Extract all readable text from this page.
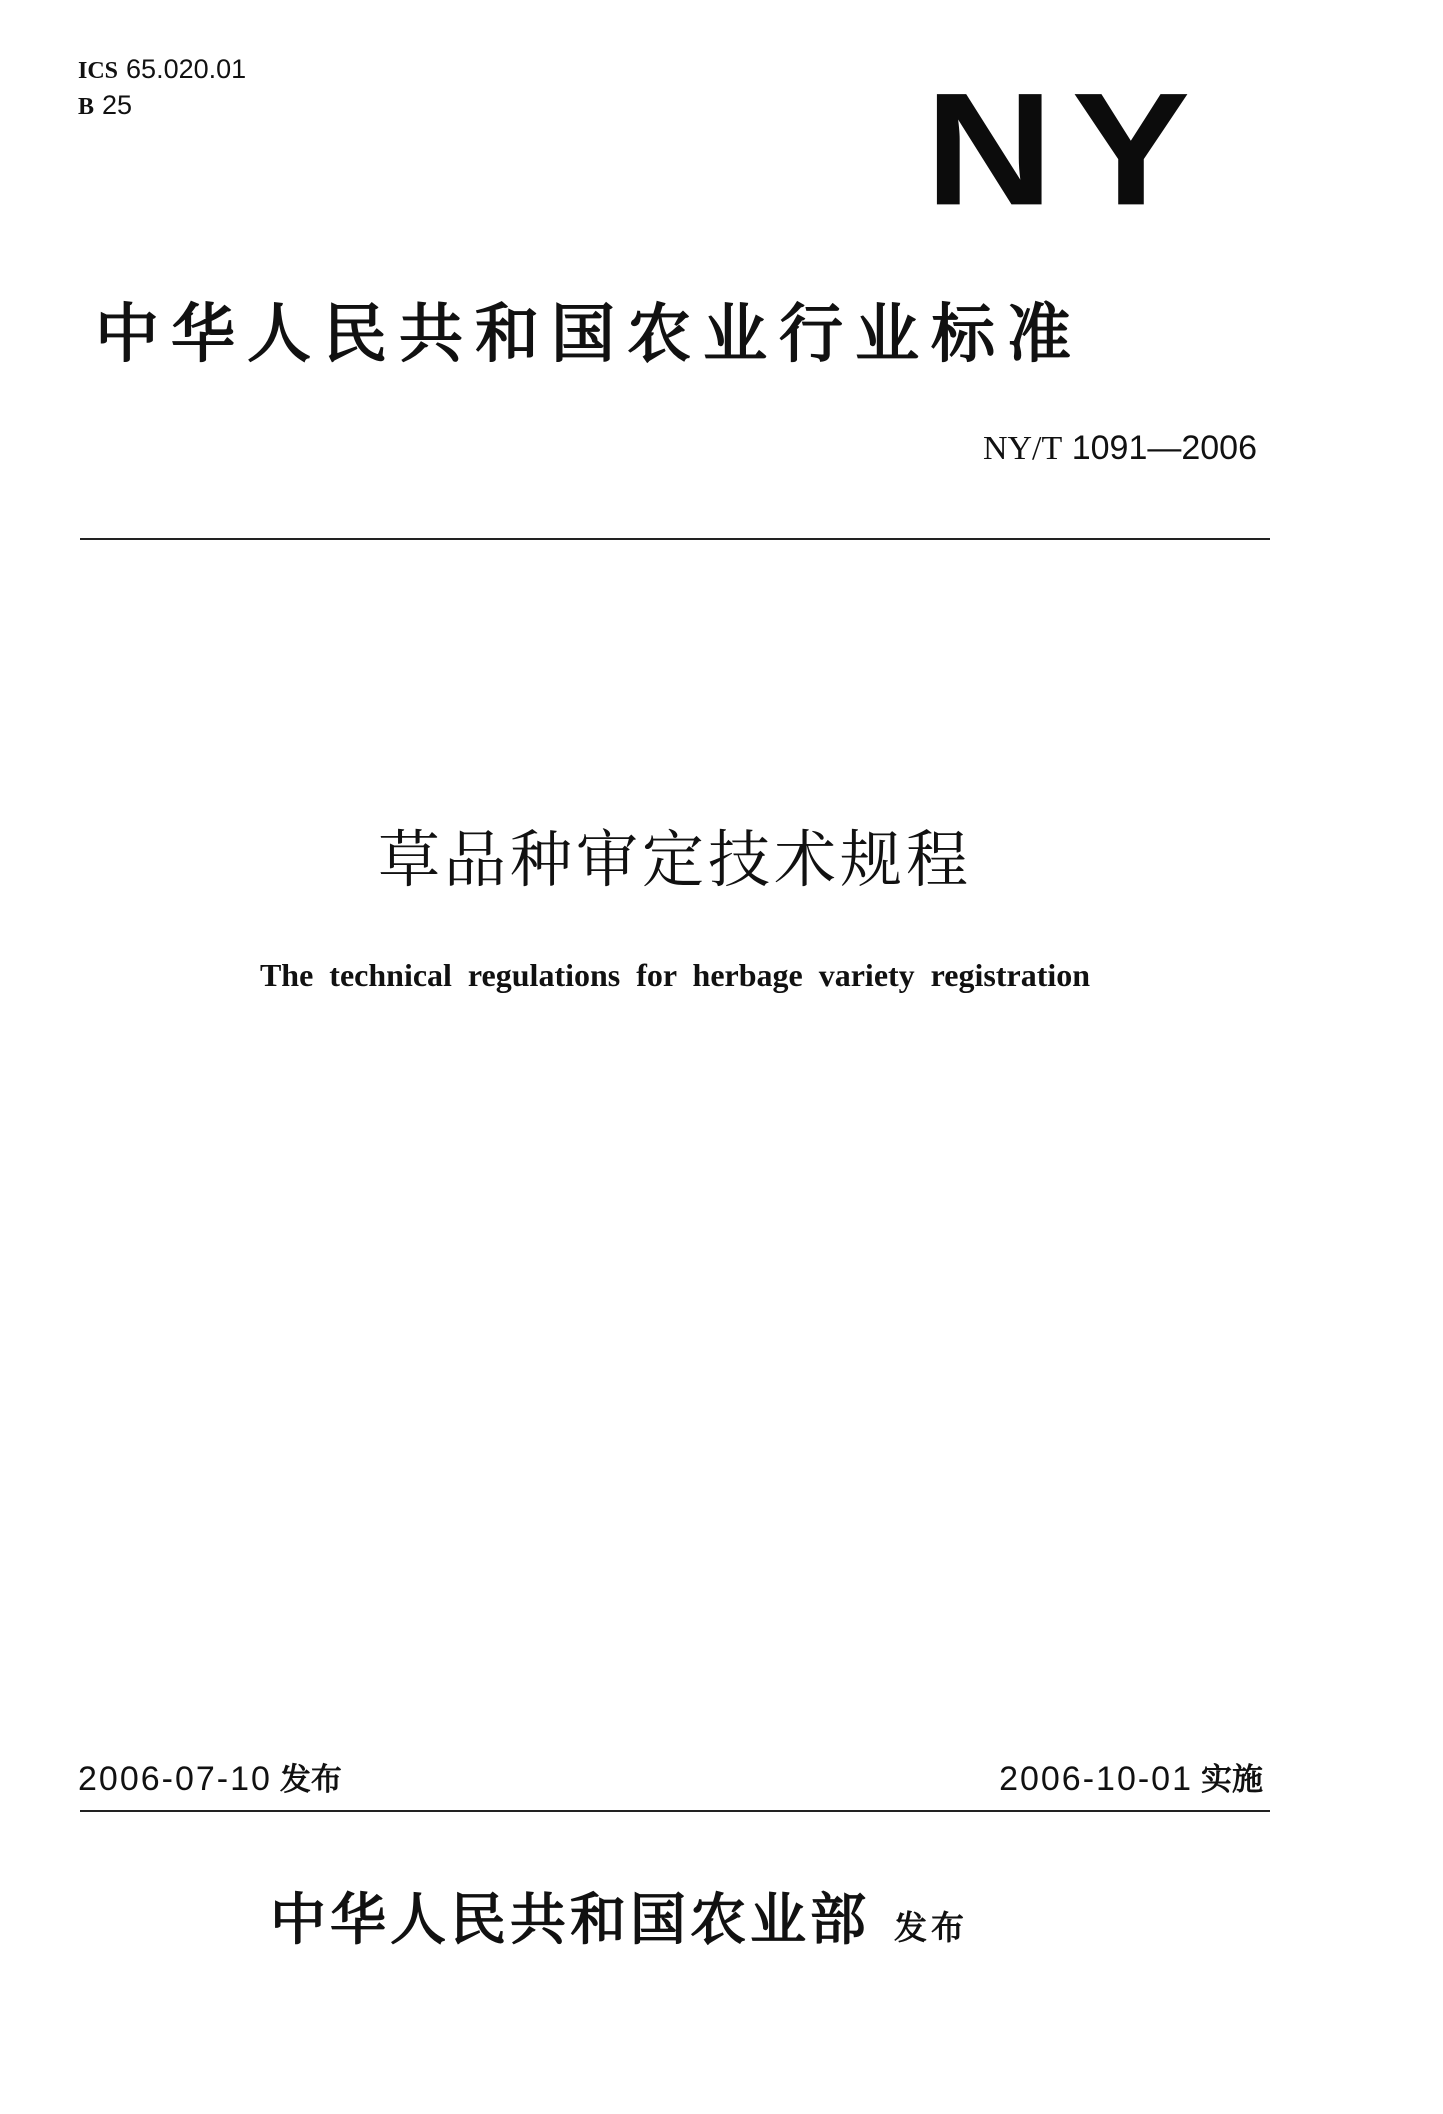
ICS 65.020.01
B 25	NY
中华人民共和国农业行业标准
NY/T 1091—2006
草品种审定技术规程
The technical regulations for herbage variety registration
2006-07-10 发布	2006-10-01 实施
中华人民共和国农业部 发布
